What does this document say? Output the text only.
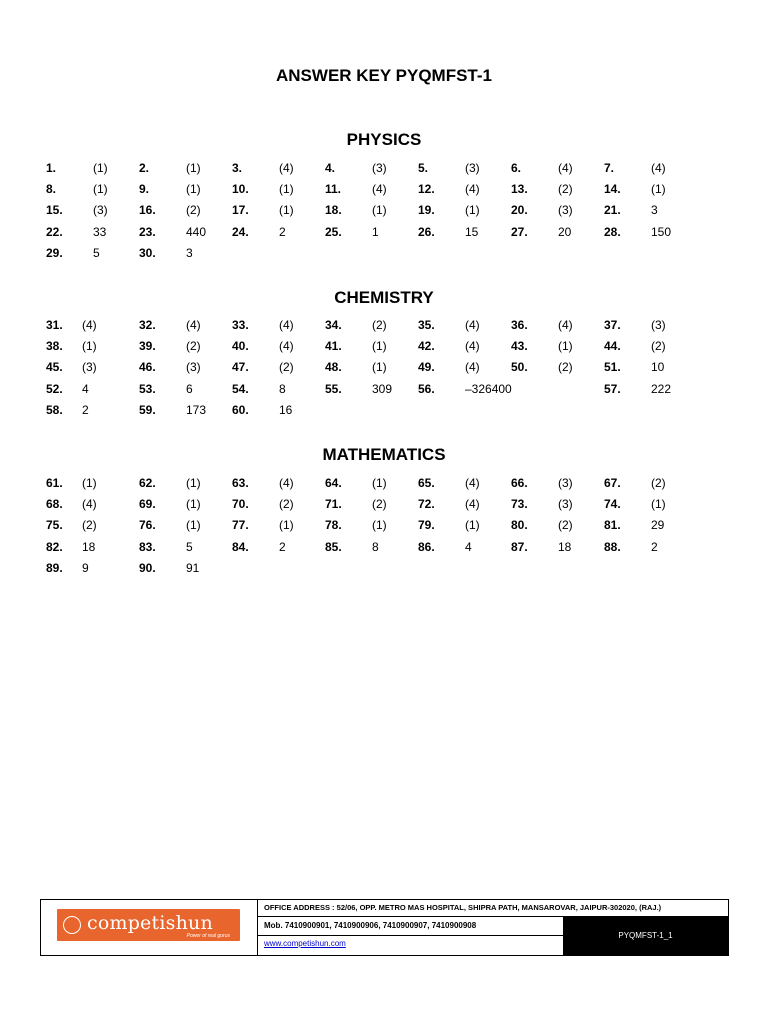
ANSWER KEY PYQMFST-1
PHYSICS
1.	(1)	2.	(1)	3.	(4)	4.	(3)	5.	(3)	6.	(4)	7.	(4)
8.	(1)	9.	(1)	10.	(1)	11.	(4)	12.	(4)	13.	(2)	14.	(1)
15.	(3)	16.	(2)	17.	(1)	18.	(1)	19.	(1)	20.	(3)	21.	3
22.	33	23.	440 24.	2	25.	1	26.	15	27.	20	28.	150
29.	5	30.	3
CHEMISTRY
31. (4)	32.	(4)	33.	(4)	34.	(2)	35.	(4)	36.	(4)	37.	(3)
38. (1)	39.	(2)	40.	(4)	41.	(1)	42.	(4)	43.	(1)	44.	(2)
45. (3)	46.	(3)	47.	(2)	48.	(1)	49.	(4)	50.	(2)	51.	10
52. 4	53.	6	54.	8	55.	309 56.	–326400	57.	222
58. 2	59.	173 60.	16
MATHEMATICS
61. (1)	62.	(1)	63.	(4)	64.	(1)	65.	(4)	66.	(3)	67.	(2)
68. (4)	69.	(1)	70.	(2)	71.	(2)	72.	(4)	73.	(3)	74.	(1)
75. (2)	76.	(1)	77.	(1)	78.	(1)	79.	(1)	80.	(2)	81.	29
82. 18	83.	5	84.	2	85.	8	86.	4	87.	18	88.	2
89. 9	90.	91
competishun
Power of real gurus
OFFICE ADDRESS : 52/06, OPP. METRO MAS HOSPITAL, SHIPRA PATH, MANSAROVAR, JAIPUR-302020, (RAJ.)
Mob. 7410900901, 7410900906, 7410900907, 7410900908
www.competishun.com
PYQMFST-1_1
